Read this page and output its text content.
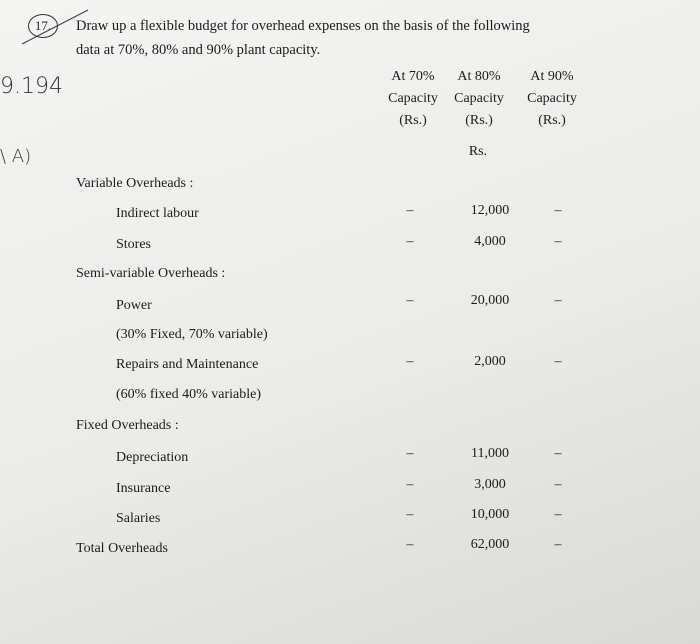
17.	Draw up a flexible budget for overhead expenses on the basis of the following
data at 70%, 80% and 90% plant capacity.
9.194
\ A)
At 70%
Capacity
(Rs.)
At 80%
Capacity
(Rs.)
At 90%
Capacity
(Rs.)
Rs.
Variable Overheads :
Indirect labour	–	12,000	–
Stores	–	4,000	–
Semi-variable Overheads :
Power	–	20,000	–
(30% Fixed, 70% variable)
Repairs and Maintenance	–	2,000	–
(60% fixed 40% variable)
Fixed Overheads :
Depreciation	–	11,000	–
Insurance	–	3,000	–
Salaries	–	10,000	–
Total Overheads	–	62,000	–
